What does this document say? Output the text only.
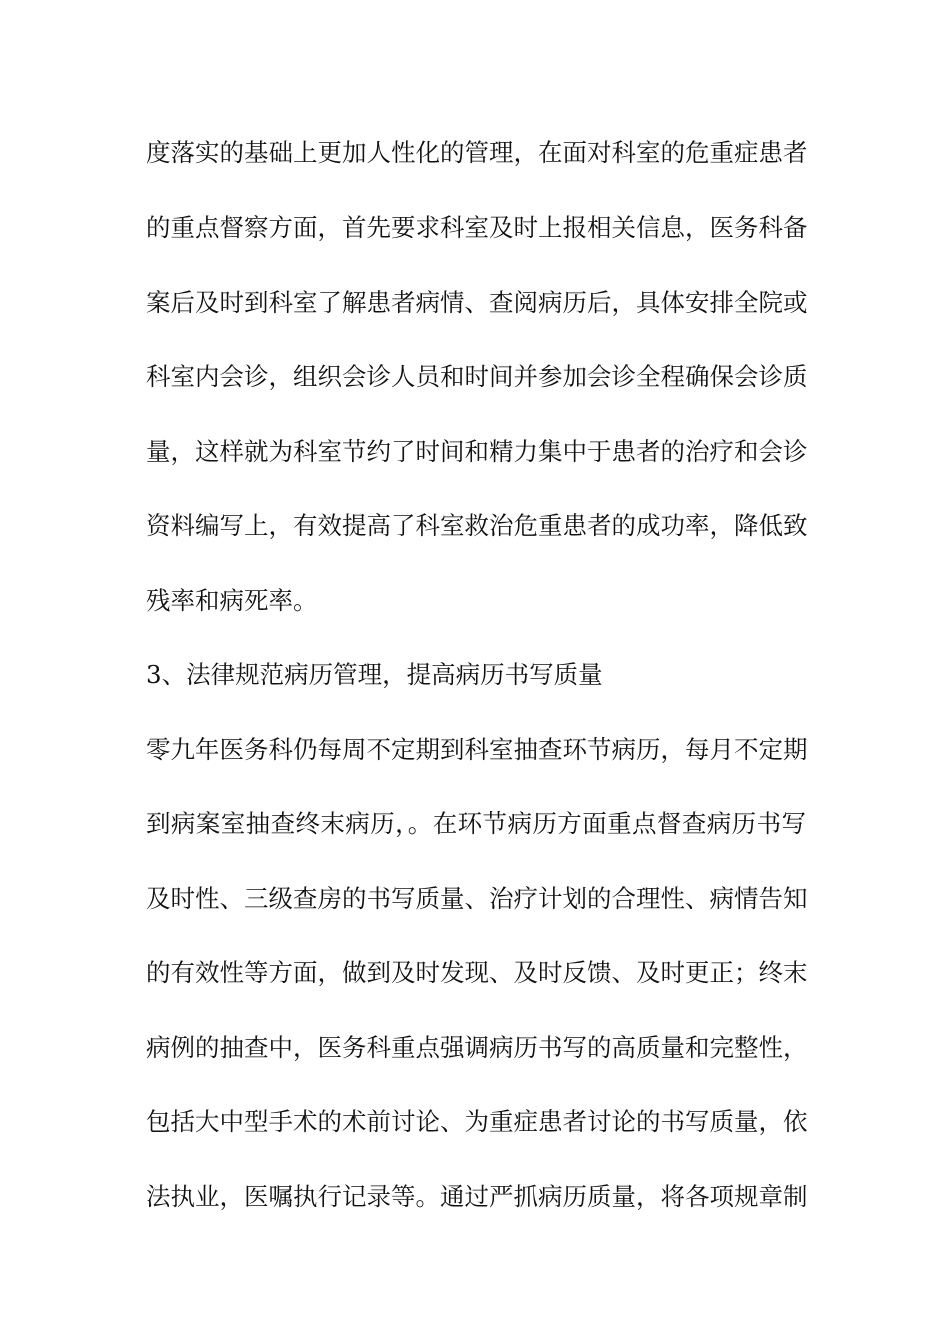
度落实的基础上更加人性化的管理，在面对科室的危重症患者

的重点督察方面，首先要求科室及时上报相关信息，医务科备

案后及时到科室了解患者病情、查阅病历后，具体安排全院或

科室内会诊，组织会诊人员和时间并参加会诊全程确保会诊质

量，这样就为科室节约了时间和精力集中于患者的治疗和会诊

资料编写上，有效提高了科室救治危重患者的成功率，降低致

残率和病死率。

3、法律规范病历管理，提高病历书写质量

零九年医务科仍每周不定期到科室抽查环节病历，每月不定期

到病案室抽查终末病历，。在环节病历方面重点督查病历书写

及时性、三级查房的书写质量、治疗计划的合理性、病情告知

的有效性等方面，做到及时发现、及时反馈、及时更正；终末

病例的抽查中，医务科重点强调病历书写的高质量和完整性，

包括大中型手术的术前讨论、为重症患者讨论的书写质量，依

法执业，医嘱执行记录等。通过严抓病历质量，将各项规章制
